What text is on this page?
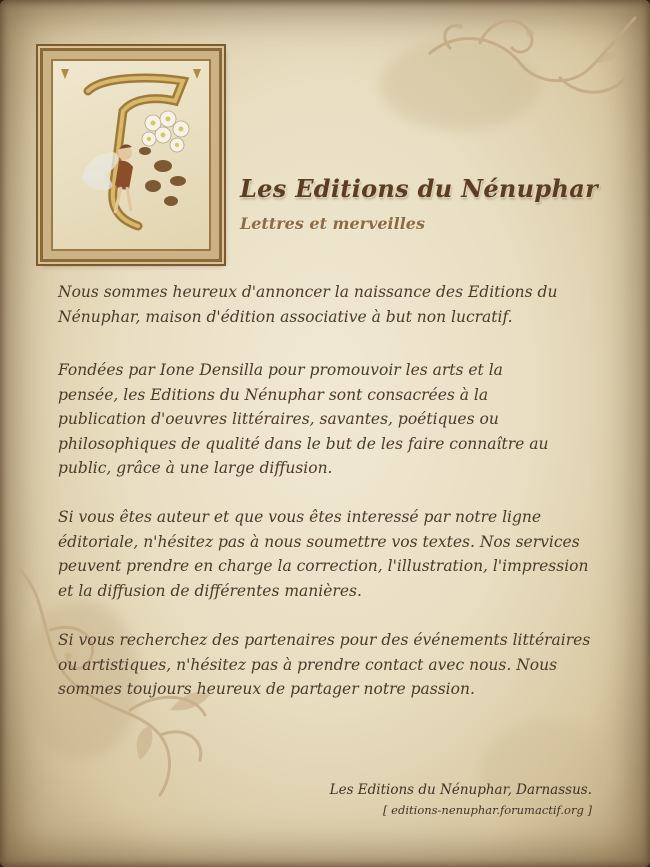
Les Editions du Nénuphar
Lettres et merveilles

Nous sommes heureux d'annoncer la naissance des Editions du Nénuphar, maison d'édition associative à but non lucratif.

Fondées par Ione Densilla pour promouvoir les arts et la pensée, les Editions du Nénuphar sont consacrées à la publication d'oeuvres littéraires, savantes, poétiques ou philosophiques de qualité dans le but de les faire connaître au public, grâce à une large diffusion.

Si vous êtes auteur et que vous êtes interessé par notre ligne éditoriale, n'hésitez pas à nous soumettre vos textes. Nos services peuvent prendre en charge la correction, l'illustration, l'impression et la diffusion de différentes manières.

Si vous recherchez des partenaires pour des événements littéraires ou artistiques, n'hésitez pas à prendre contact avec nous. Nous sommes toujours heureux de partager notre passion.

Les Editions du Nénuphar, Darnassus.
[ editions-nenuphar.forumactif.org ]
